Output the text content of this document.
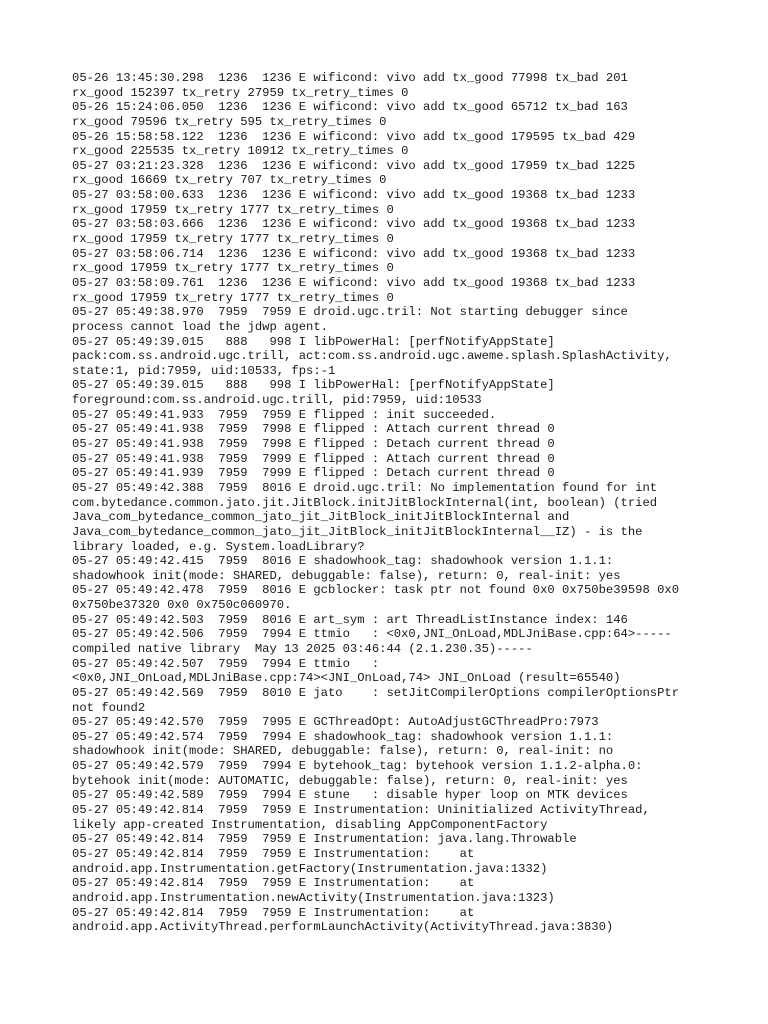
05-26 13:45:30.298  1236  1236 E wificond: vivo add tx_good 77998 tx_bad 201
rx_good 152397 tx_retry 27959 tx_retry_times 0
05-26 15:24:06.050  1236  1236 E wificond: vivo add tx_good 65712 tx_bad 163
rx_good 79596 tx_retry 595 tx_retry_times 0
05-26 15:58:58.122  1236  1236 E wificond: vivo add tx_good 179595 tx_bad 429
rx_good 225535 tx_retry 10912 tx_retry_times 0
05-27 03:21:23.328  1236  1236 E wificond: vivo add tx_good 17959 tx_bad 1225
rx_good 16669 tx_retry 707 tx_retry_times 0
05-27 03:58:00.633  1236  1236 E wificond: vivo add tx_good 19368 tx_bad 1233
rx_good 17959 tx_retry 1777 tx_retry_times 0
05-27 03:58:03.666  1236  1236 E wificond: vivo add tx_good 19368 tx_bad 1233
rx_good 17959 tx_retry 1777 tx_retry_times 0
05-27 03:58:06.714  1236  1236 E wificond: vivo add tx_good 19368 tx_bad 1233
rx_good 17959 tx_retry 1777 tx_retry_times 0
05-27 03:58:09.761  1236  1236 E wificond: vivo add tx_good 19368 tx_bad 1233
rx_good 17959 tx_retry 1777 tx_retry_times 0
05-27 05:49:38.970  7959  7959 E droid.ugc.tril: Not starting debugger since
process cannot load the jdwp agent.
05-27 05:49:39.015   888   998 I libPowerHal: [perfNotifyAppState]
pack:com.ss.android.ugc.trill, act:com.ss.android.ugc.aweme.splash.SplashActivity,
state:1, pid:7959, uid:10533, fps:-1
05-27 05:49:39.015   888   998 I libPowerHal: [perfNotifyAppState]
foreground:com.ss.android.ugc.trill, pid:7959, uid:10533
05-27 05:49:41.933  7959  7959 E flipped : init succeeded.
05-27 05:49:41.938  7959  7998 E flipped : Attach current thread 0
05-27 05:49:41.938  7959  7998 E flipped : Detach current thread 0
05-27 05:49:41.938  7959  7999 E flipped : Attach current thread 0
05-27 05:49:41.939  7959  7999 E flipped : Detach current thread 0
05-27 05:49:42.388  7959  8016 E droid.ugc.tril: No implementation found for int
com.bytedance.common.jato.jit.JitBlock.initJitBlockInternal(int, boolean) (tried
Java_com_bytedance_common_jato_jit_JitBlock_initJitBlockInternal and
Java_com_bytedance_common_jato_jit_JitBlock_initJitBlockInternal__IZ) - is the
library loaded, e.g. System.loadLibrary?
05-27 05:49:42.415  7959  8016 E shadowhook_tag: shadowhook version 1.1.1:
shadowhook init(mode: SHARED, debuggable: false), return: 0, real-init: yes
05-27 05:49:42.478  7959  8016 E gcblocker: task ptr not found 0x0 0x750be39598 0x0
0x750be37320 0x0 0x750c060970.
05-27 05:49:42.503  7959  8016 E art_sym : art ThreadListInstance index: 146
05-27 05:49:42.506  7959  7994 E ttmio   : <0x0,JNI_OnLoad,MDLJniBase.cpp:64>-----
compiled native library  May 13 2025 03:46:44 (2.1.230.35)-----
05-27 05:49:42.507  7959  7994 E ttmio   :
<0x0,JNI_OnLoad,MDLJniBase.cpp:74><JNI_OnLoad,74> JNI_OnLoad (result=65540)
05-27 05:49:42.569  7959  8010 E jato    : setJitCompilerOptions compilerOptionsPtr
not found2
05-27 05:49:42.570  7959  7995 E GCThreadOpt: AutoAdjustGCThreadPro:7973
05-27 05:49:42.574  7959  7994 E shadowhook_tag: shadowhook version 1.1.1:
shadowhook init(mode: SHARED, debuggable: false), return: 0, real-init: no
05-27 05:49:42.579  7959  7994 E bytehook_tag: bytehook version 1.1.2-alpha.0:
bytehook init(mode: AUTOMATIC, debuggable: false), return: 0, real-init: yes
05-27 05:49:42.589  7959  7994 E stune   : disable hyper loop on MTK devices
05-27 05:49:42.814  7959  7959 E Instrumentation: Uninitialized ActivityThread,
likely app-created Instrumentation, disabling AppComponentFactory
05-27 05:49:42.814  7959  7959 E Instrumentation: java.lang.Throwable
05-27 05:49:42.814  7959  7959 E Instrumentation:    at
android.app.Instrumentation.getFactory(Instrumentation.java:1332)
05-27 05:49:42.814  7959  7959 E Instrumentation:    at
android.app.Instrumentation.newActivity(Instrumentation.java:1323)
05-27 05:49:42.814  7959  7959 E Instrumentation:    at
android.app.ActivityThread.performLaunchActivity(ActivityThread.java:3830)
